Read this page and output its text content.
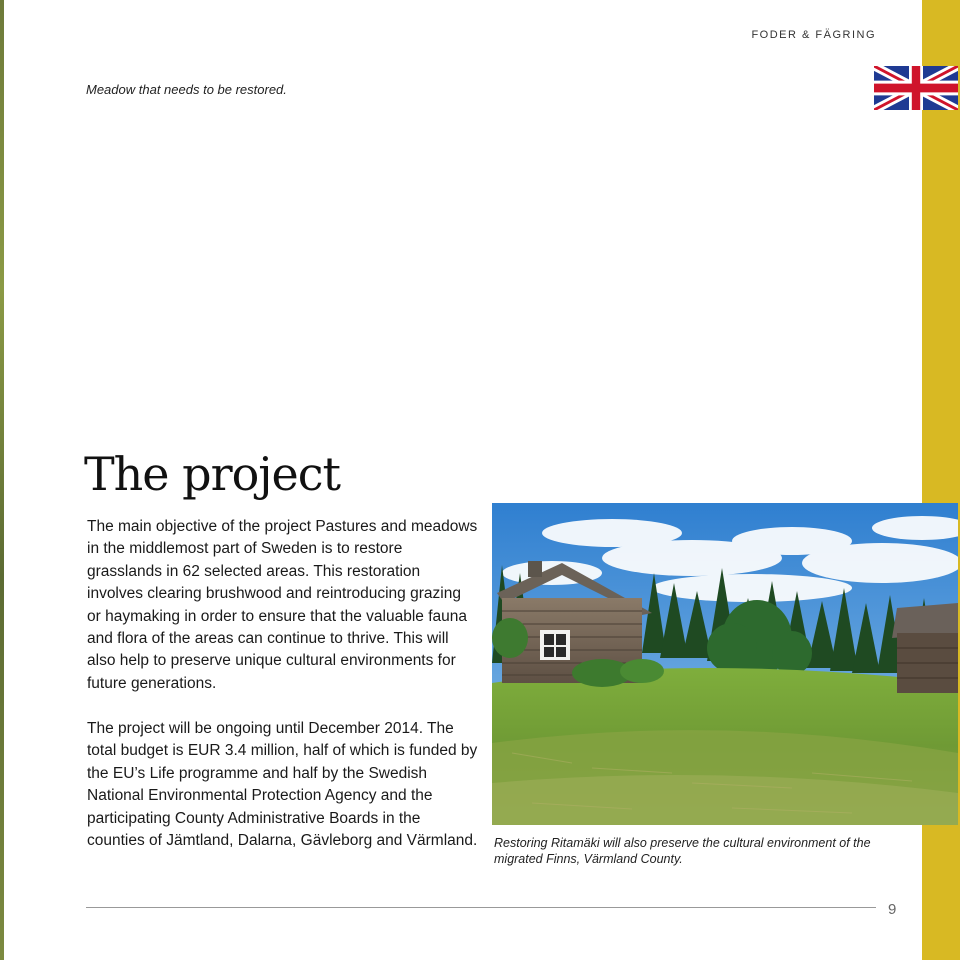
FODER & FÄGRING
Meadow that needs to be restored.
The project

The main objective of the project Pastures and meadows in the middlemost part of Sweden is to restore grasslands in 62 selected areas. This restoration involves clearing brushwood and reintroducing grazing or haymaking in order to ensure that the valuable fauna and flora of the areas can continue to thrive. This will also help to preserve unique cultural environments for future generations.

The project will be ongoing until December 2014. The total budget is EUR 3.4 million, half of which is funded by the EU’s Life programme and half by the Swedish National Environmental Protection Agency and the participating County Administrative Boards in the counties of Jämtland, Dalarna, Gävleborg and Värmland. Restoring Ritamäki will also preserve the cultural environment of the migrated Finns, Värmland County.
9
